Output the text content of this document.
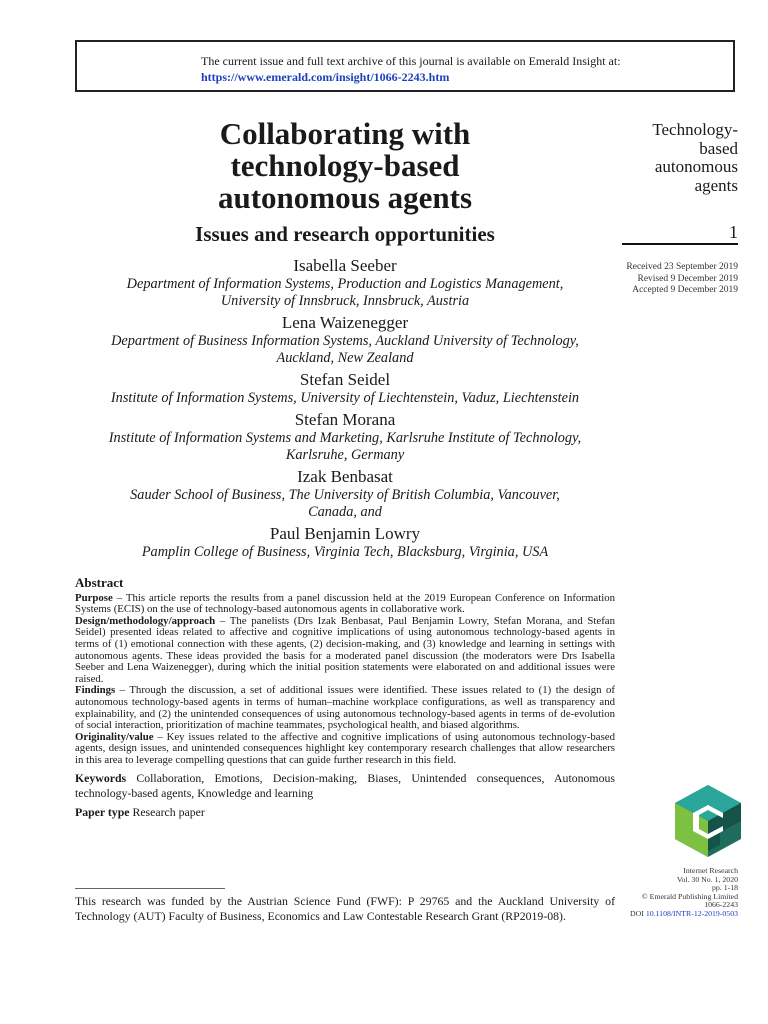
The current issue and full text archive of this journal is available on Emerald Insight at:
https://www.emerald.com/insight/1066-2243.htm
Collaborating with
technology-based
autonomous agents
Issues and research opportunities
Isabella Seeber
Department of Information Systems, Production and Logistics Management,
University of Innsbruck, Innsbruck, Austria
Lena Waizenegger
Department of Business Information Systems, Auckland University of Technology,
Auckland, New Zealand
Stefan Seidel
Institute of Information Systems, University of Liechtenstein, Vaduz, Liechtenstein
Stefan Morana
Institute of Information Systems and Marketing, Karlsruhe Institute of Technology,
Karlsruhe, Germany
Izak Benbasat
Sauder School of Business, The University of British Columbia, Vancouver,
Canada, and
Paul Benjamin Lowry
Pamplin College of Business, Virginia Tech, Blacksburg, Virginia, USA
Technology-
based
autonomous
agents
1
Received 23 September 2019
Revised 9 December 2019
Accepted 9 December 2019
Abstract

Purpose – This article reports the results from a panel discussion held at the 2019 European Conference on Information Systems (ECIS) on the use of technology-based autonomous agents in collaborative work.

Design/methodology/approach – The panelists (Drs Izak Benbasat, Paul Benjamin Lowry, Stefan Morana, and Stefan Seidel) presented ideas related to affective and cognitive implications of using autonomous technology-based agents in terms of (1) emotional connection with these agents, (2) decision-making, and (3) knowledge and learning in settings with autonomous agents. These ideas provided the basis for a moderated panel discussion (the moderators were Drs Isabella Seeber and Lena Waizenegger), during which the initial position statements were elaborated on and additional issues were raised.

Findings – Through the discussion, a set of additional issues were identified. These issues related to (1) the design of autonomous technology-based agents in terms of human–machine workplace configurations, as well as transparency and explainability, and (2) the unintended consequences of using autonomous technology-based agents in terms of de-evolution of social interaction, prioritization of machine teammates, psychological health, and biased algorithms.

Originality/value – Key issues related to the affective and cognitive implications of using autonomous technology-based agents, design issues, and unintended consequences highlight key contemporary research challenges that allow researchers in this area to leverage compelling questions that can guide further research in this field.

Keywords Collaboration, Emotions, Decision-making, Biases, Unintended consequences, Autonomous technology-based agents, Knowledge and learning

Paper type Research paper

Internet Research
Vol. 30 No. 1, 2020
pp. 1-18
© Emerald Publishing Limited
1066-2243
DOI 10.1108/INTR-12-2019-0503
This research was funded by the Austrian Science Fund (FWF): P 29765 and the Auckland University of Technology (AUT) Faculty of Business, Economics and Law Contestable Research Grant (RP2019-08).
